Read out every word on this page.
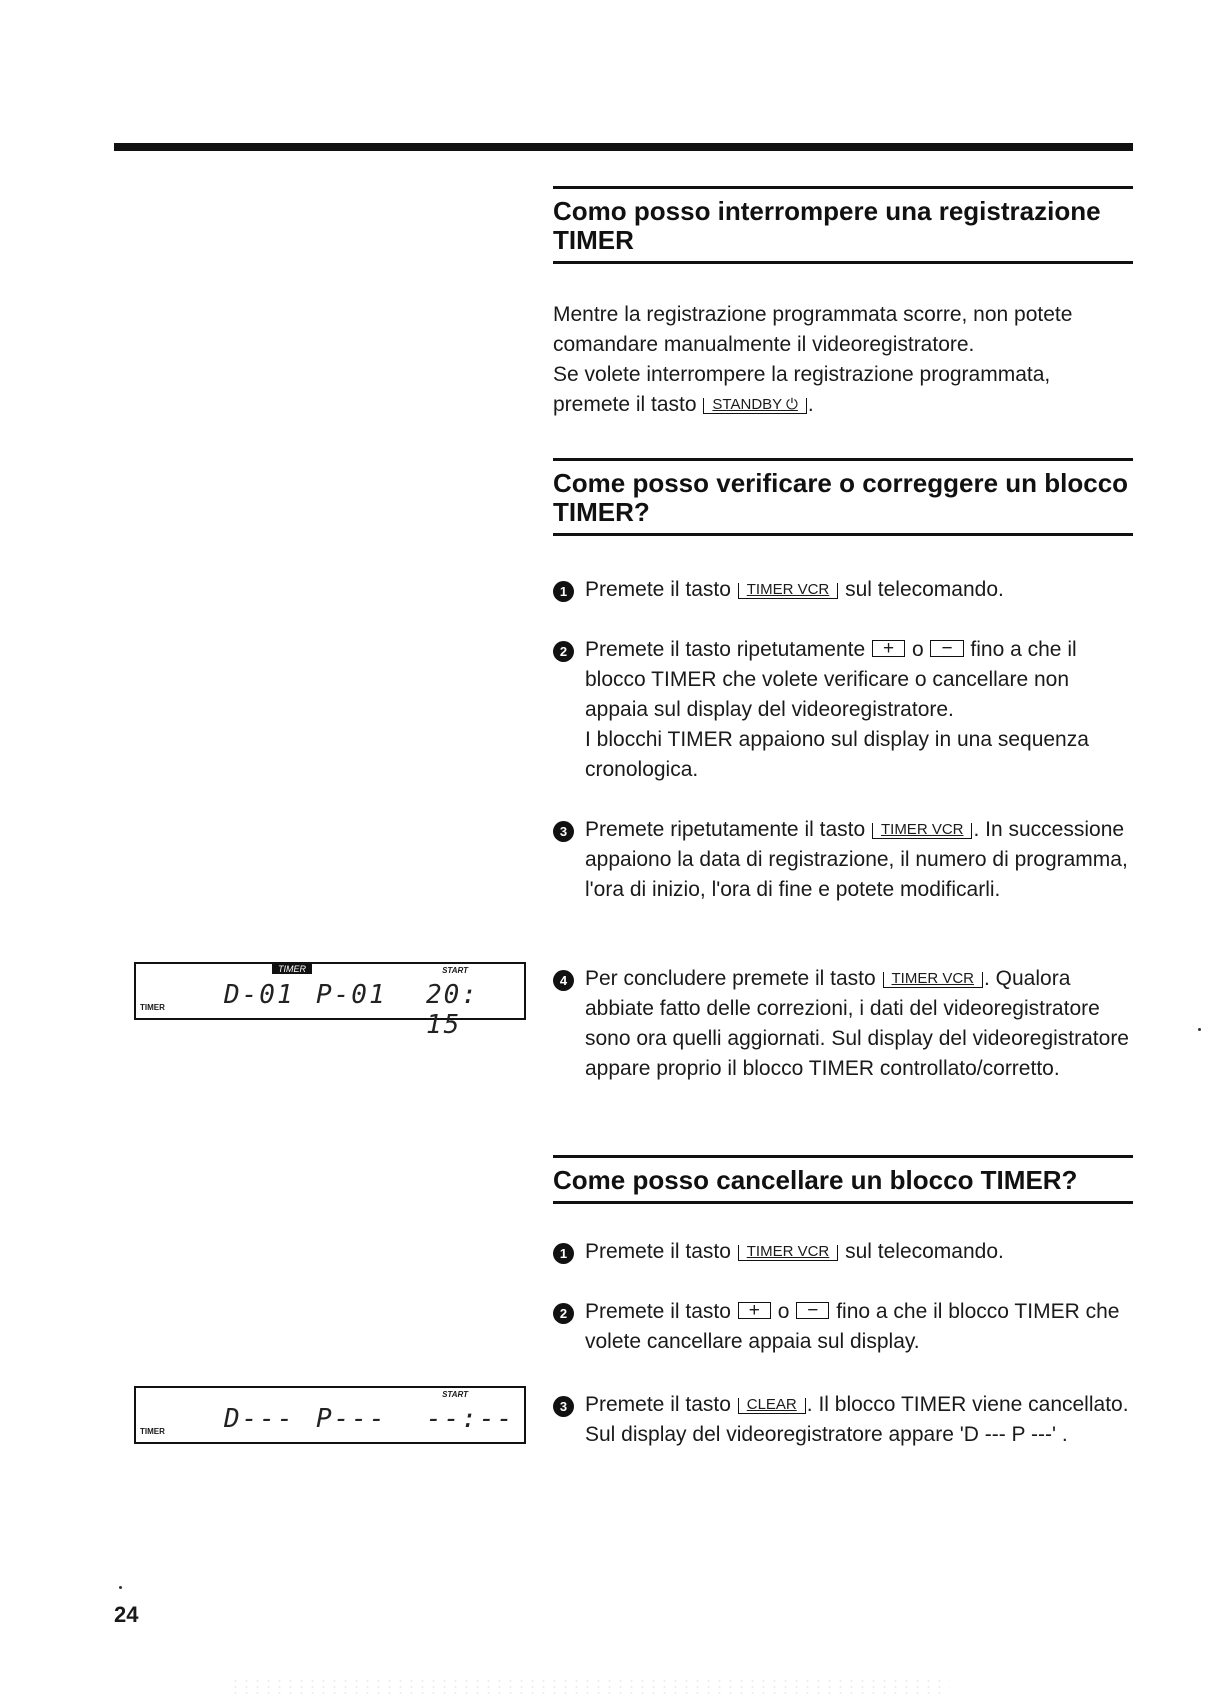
Como posso interrompere una registrazione TIMER

Mentre la registrazione programmata scorre, non potete

comandare manualmente il videoregistratore.

Se volete interrompere la registrazione programmata,

premete il tasto STANDBY ⏻ .

Come posso verificare o correggere un blocco TIMER?
1 Premete il tasto TIMER VCR sul telecomando.
2 Premete il tasto ripetutamente + o − fino a che il blocco TIMER che volete verificare o cancellare non appaia sul display del videoregistratore.
I blocchi TIMER appaiono sul display in una sequenza cronologica.
3 Premete ripetutamente il tasto TIMER VCR . In successione appaiono la data di registrazione, il numero di programma, l'ora di inizio, l'ora di fine e potete modificarli.
4 Per concludere premete il tasto TIMER VCR . Qualora abbiate fatto delle correzioni, i dati del videoregistratore sono ora quelli aggiornati. Sul display del videoregistratore appare proprio il blocco TIMER controllato/corretto.
Come posso cancellare un blocco TIMER?
1 Premete il tasto TIMER VCR sul telecomando.
2 Premete il tasto + o − fino a che il blocco TIMER che volete cancellare appaia sul display.
3 Premete il tasto CLEAR . Il blocco TIMER viene cancellato. Sul display del videoregistratore appare 'D --- P ---' .
TIMER	START
TIMER D-01 P-01 20: 15
START
TIMER D--- P--- --:--
24
